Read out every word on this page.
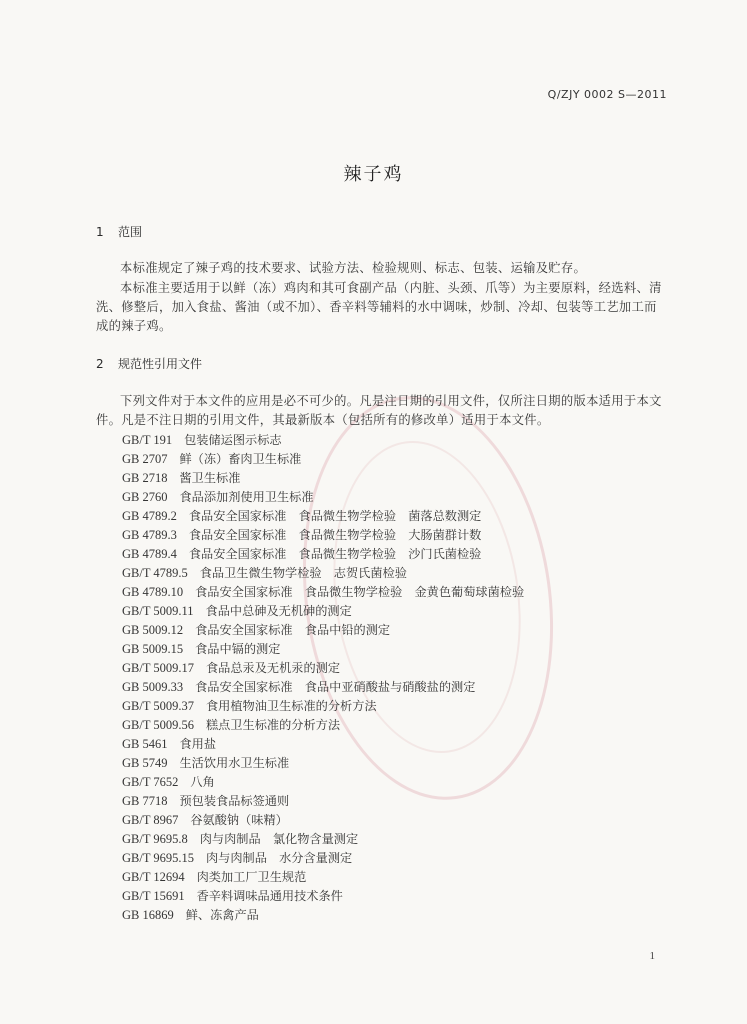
Q/ZJY 0002 S—2011
辣子鸡
1 范围
本标准规定了辣子鸡的技术要求、试验方法、检验规则、标志、包装、运输及贮存。
本标准主要适用于以鲜（冻）鸡肉和其可食副产品（内脏、头颈、爪等）为主要原料，经选料、清洗、修整后，加入食盐、酱油（或不加）、香辛料等辅料的水中调味，炒制、冷却、包装等工艺加工而成的辣子鸡。
2 规范性引用文件
下列文件对于本文件的应用是必不可少的。凡是注日期的引用文件，仅所注日期的版本适用于本文件。凡是不注日期的引用文件，其最新版本（包括所有的修改单）适用于本文件。
GB/T 191 包装储运图示标志
GB 2707 鲜（冻）畜肉卫生标准
GB 2718 酱卫生标准
GB 2760 食品添加剂使用卫生标准
GB 4789.2 食品安全国家标准　食品微生物学检验　菌落总数测定
GB 4789.3 食品安全国家标准　食品微生物学检验　大肠菌群计数
GB 4789.4 食品安全国家标准　食品微生物学检验　沙门氏菌检验
GB/T 4789.5 食品卫生微生物学检验　志贺氏菌检验
GB 4789.10 食品安全国家标准　食品微生物学检验　金黄色葡萄球菌检验
GB/T 5009.11 食品中总砷及无机砷的测定
GB 5009.12 食品安全国家标准　食品中铅的测定
GB 5009.15 食品中镉的测定
GB/T 5009.17 食品总汞及无机汞的测定
GB 5009.33 食品安全国家标准　食品中亚硝酸盐与硝酸盐的测定
GB/T 5009.37 食用植物油卫生标准的分析方法
GB/T 5009.56 糕点卫生标准的分析方法
GB 5461 食用盐
GB 5749 生活饮用水卫生标准
GB/T 7652 八角
GB 7718 预包装食品标签通则
GB/T 8967 谷氨酸钠（味精）
GB/T 9695.8 肉与肉制品　氯化物含量测定
GB/T 9695.15 肉与肉制品　水分含量测定
GB/T 12694 肉类加工厂卫生规范
GB/T 15691 香辛料调味品通用技术条件
GB 16869 鲜、冻禽产品
1
